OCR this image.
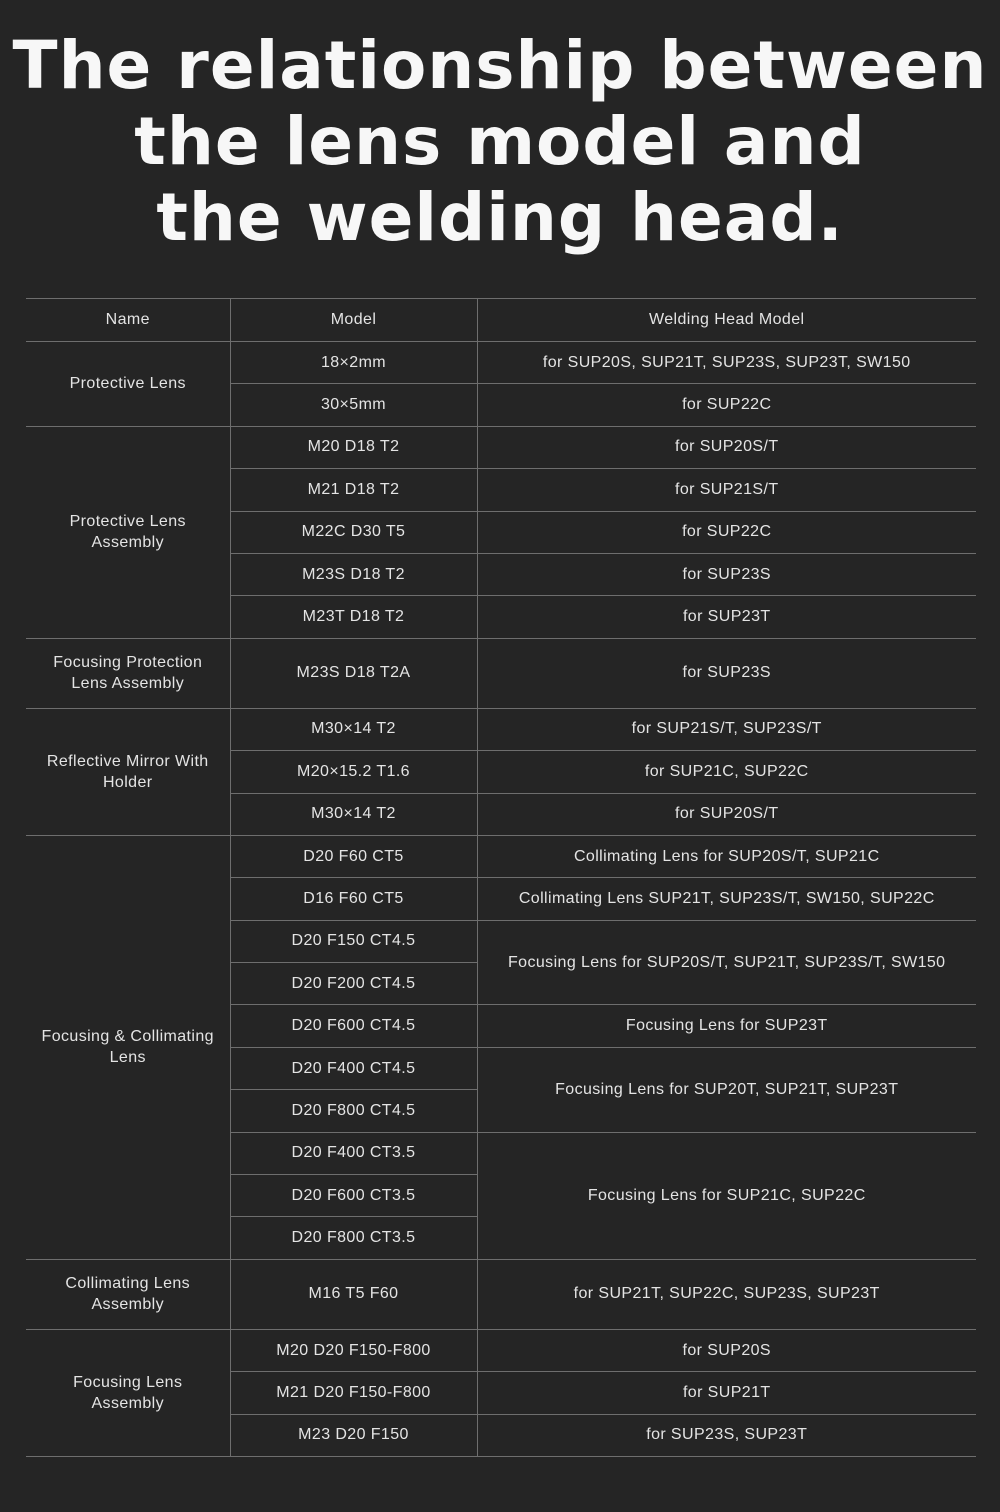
The relationship between
the lens model and
the welding head.
Name	Model	Welding Head Model
Protective Lens	18×2mm	for SUP20S, SUP21T, SUP23S, SUP23T, SW150
	30×5mm	for SUP22C
Protective Lens
Assembly	M20 D18 T2	for SUP20S/T
	M21 D18 T2	for SUP21S/T
	M22C D30 T5	for SUP22C
	M23S D18 T2	for SUP23S
	M23T D18 T2	for SUP23T
Focusing Protection
Lens Assembly	M23S D18 T2A	for SUP23S
Reflective Mirror With
Holder	M30×14 T2	for SUP21S/T, SUP23S/T
	M20×15.2 T1.6	for SUP21C, SUP22C
	M30×14 T2	for SUP20S/T
Focusing & Collimating
Lens	D20 F60 CT5	Collimating Lens for SUP20S/T, SUP21C
	D16 F60 CT5	Collimating Lens SUP21T, SUP23S/T, SW150, SUP22C
	D20 F150 CT4.5	Focusing Lens for SUP20S/T, SUP21T, SUP23S/T, SW150
	D20 F200 CT4.5	
	D20 F600 CT4.5	Focusing Lens for SUP23T
	D20 F400 CT4.5	Focusing Lens for SUP20T, SUP21T, SUP23T
	D20 F800 CT4.5	
	D20 F400 CT3.5	Focusing Lens for SUP21C, SUP22C
	D20 F600 CT3.5	
	D20 F800 CT3.5	
Collimating Lens
Assembly	M16 T5 F60	for SUP21T, SUP22C, SUP23S, SUP23T
Focusing Lens
Assembly	M20 D20 F150-F800	for SUP20S
	M21 D20 F150-F800	for SUP21T
	M23 D20 F150	for SUP23S, SUP23T
